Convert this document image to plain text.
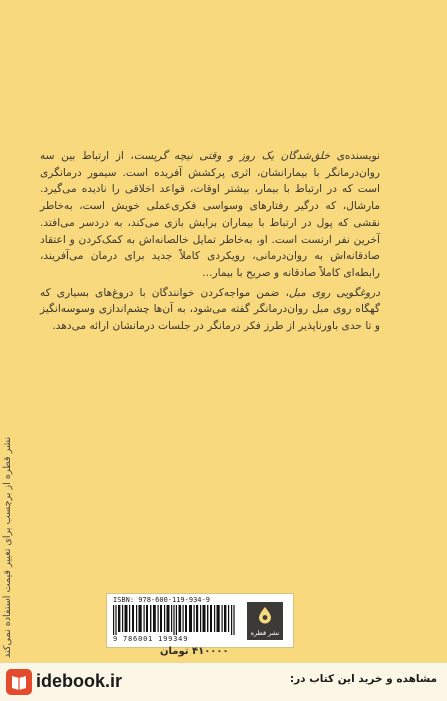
نویسنده‌ی خلق‌شدگان یک روز و وقتی نیچه گریست، از ارتباط بین سه روان‌درمانگر با بیمارانشان، اثری پرکشش آفریده است. سیمور درمانگری است که در ارتباط با بیمار، بیشتر اوقات، قواعد اخلاقی را نادیده می‌گیرد. مارشال، که درگیر رفتارهای وسواسی فکری‌عملی خویش است، به‌خاطر نقشی که پول در ارتباط با بیماران برایش بازی می‌کند، به دردسر می‌افتد. آخرین نفر ارنست است. او، به‌خاطر تمایل خالصانه‌اش به کمک‌کردن و اعتقاد صادقانه‌اش به روان‌درمانی، رویکردی کاملاً جدید برای درمان می‌آفریند، رابطه‌ای کاملاً صادقانه و صریح با بیمار...

دروغگویی روی مبل، ضمن مواجه‌کردن خوانندگان با دروغ‌های بسیاری که گهگاه روی مبل روان‌درمانگر گفته می‌شود، به آن‌ها چشم‌اندازی وسوسه‌انگیز و تا حدی باورناپذیر از طرز فکر درمانگر در جلسات درمانشان ارائه می‌دهد.

نشر قطره از برچسب برای تغییر قیمت استفاده نمی‌کند	ISBN: 978-600-119-934-9
9 786001 199349
نشر قطره
۴۱۰۰۰۰ تومان
idebook.ir	مشاهده و خرید این کتاب در:
